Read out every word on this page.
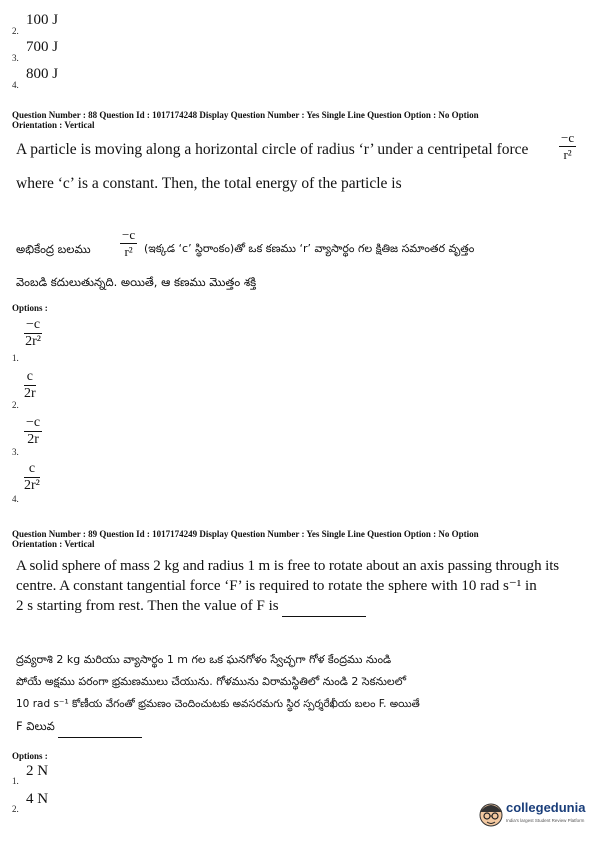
2.
100 J
3.
700 J
4.
800 J
Question Number : 88 Question Id : 1017174248 Display Question Number : Yes Single Line Question Option : No Option
Orientation : Vertical
A particle is moving along a horizontal circle of radius ‘r’ under a centripetal force
−c
r²
where ‘c’ is a constant. Then, the total energy of the particle is
అభికేంద్ర బలము
−c
r²	(ఇక్కడ ‘c’ స్థిరాంకం)తో ఒక కణము ‘r’ వ్యాసార్థం గల క్షితిజ సమాంతర వృత్తం
వెంబడి కదులుతున్నది. అయితే, ఆ కణము మొత్తం శక్తి
Options :
1.
−c
2r²
2.
c
2r
3.
−c
2r
4.
c
2r²
Question Number : 89 Question Id : 1017174249 Display Question Number : Yes Single Line Question Option : No Option
Orientation : Vertical
A solid sphere of mass 2 kg and radius 1 m is free to rotate about an axis passing through its
centre. A constant tangential force ‘F’ is required to rotate the sphere with 10 rad s⁻¹ in
2 s starting from rest. Then the value of F is
ద్రవ్యరాశి 2 kg మరియు వ్యాసార్థం 1 m గల ఒక ఘనగోళం స్వేచ్ఛగా గోళ కేంద్రము నుండి
పోయే అక్షము పరంగా భ్రమణములు చేయును. గోళమును విరామస్థితిలో నుండి 2 సెకనులలో
10 rad s⁻¹ కోణీయ వేగంతో భ్రమణం చెందించుటకు అవసరమగు స్థిర స్పర్శరేఖీయ బలం F. అయితే
F విలువ
Options :
1.
2 N
2.
4 N
collegedunia
India's largest Student Review Platform
